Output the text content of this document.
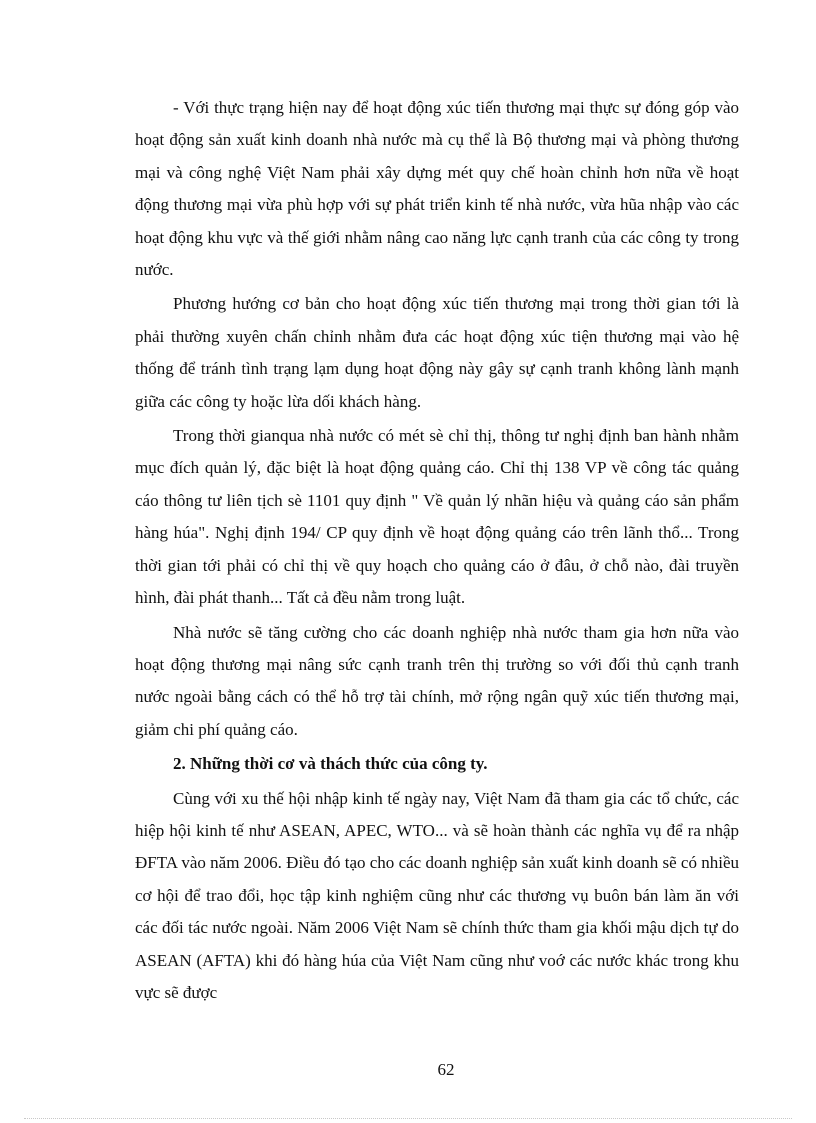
- Với thực trạng hiện nay để hoạt động xúc tiến thương mại thực sự đóng góp vào hoạt động sản xuất kinh doanh nhà nước mà cụ thể là Bộ thương mại và phòng thương mại và công nghệ Việt Nam phải xây dựng mét quy chế hoàn chỉnh hơn nữa về hoạt động thương mại vừa phù hợp với sự phát triển kinh tế nhà nước, vừa hũa nhập vào các hoạt động khu vực và thế giới nhằm nâng cao năng lực cạnh tranh của các công ty trong nước.

Phương hướng cơ bản cho hoạt động xúc tiến thương mại trong thời gian tới là phải thường xuyên chấn chỉnh nhằm đưa các hoạt động xúc tiện thương mại vào hệ thống để tránh tình trạng lạm dụng hoạt động này gây sự cạnh tranh không lành mạnh giữa các công ty hoặc lừa dối khách hàng.

Trong thời gianqua nhà nước có mét sè chỉ thị, thông tư nghị định ban hành nhằm mục đích quản lý, đặc biệt là hoạt động quảng cáo. Chỉ thị 138 VP về công tác quảng cáo thông tư liên tịch sè 1101 quy định " Về quản lý nhãn hiệu và quảng cáo sản phẩm hàng húa". Nghị định 194/ CP quy định về hoạt động quảng cáo trên lãnh thổ... Trong thời gian tới phải có chỉ thị về quy hoạch cho quảng cáo ở đâu, ở chỗ nào, đài truyền hình, đài phát thanh... Tất cả đều nằm trong luật.

Nhà nước sẽ tăng cường cho các doanh nghiệp nhà nước tham gia hơn nữa vào hoạt động thương mại nâng sức cạnh tranh trên thị trường so với đối thủ cạnh tranh nước ngoài bằng cách có thể hỗ trợ tài chính, mở rộng ngân quỹ xúc tiến thương mại, giảm chi phí quảng cáo.

2. Những thời cơ và thách thức của công ty.

Cùng với xu thế hội nhập kinh tế ngày nay, Việt Nam đã tham gia các tổ chức, các hiệp hội kinh tế như ASEAN, APEC, WTO... và sẽ hoàn thành các nghĩa vụ để ra nhập ĐFTA vào năm 2006. Điều đó tạo cho các doanh nghiệp sản xuất kinh doanh sẽ có nhiều cơ hội để trao đổi, học tập kinh nghiệm cũng như các thương vụ buôn bán làm ăn với các đối tác nước ngoài. Năm 2006 Việt Nam sẽ chính thức tham gia khối mậu dịch tự do ASEAN (AFTA) khi đó hàng húa của Việt Nam cũng như voớ các nước khác trong khu vực sẽ được

62
